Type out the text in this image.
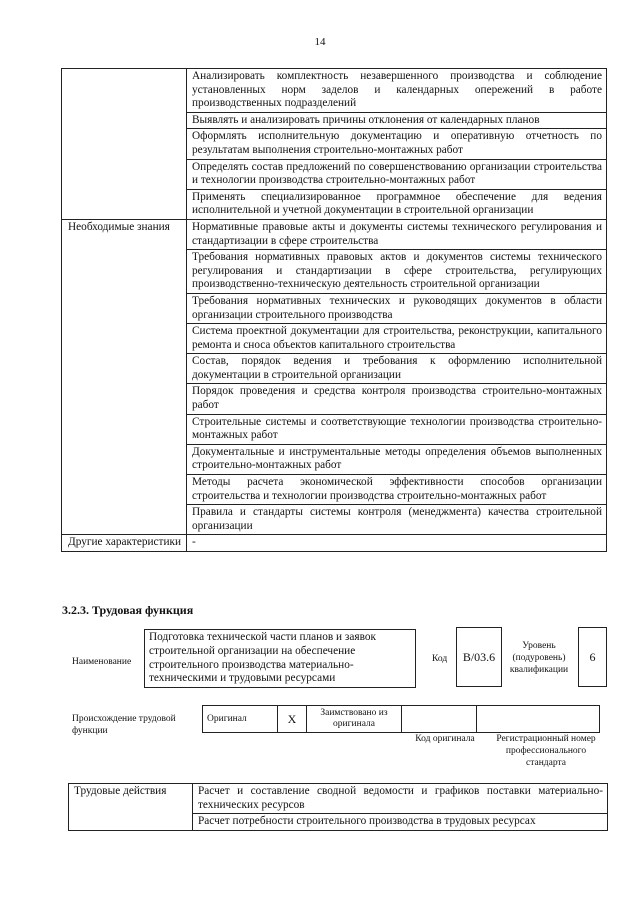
14
	Анализировать комплектность незавершенного производства и соблюдение установленных норм заделов и календарных опережений в работе производственных подразделений
	Выявлять и анализировать причины отклонения от календарных планов
	Оформлять исполнительную документацию и оперативную отчетность по результатам выполнения строительно-монтажных работ
	Определять состав предложений по совершенствованию организации строительства и технологии производства строительно-монтажных работ
	Применять специализированное программное обеспечение для ведения исполнительной и учетной документации в строительной организации
Необходимые знания	Нормативные правовые акты и документы системы технического регулирования и стандартизации в сфере строительства
	Требования нормативных правовых актов и документов системы технического регулирования и стандартизации в сфере строительства, регулирующих производственно-техническую деятельность строительной организации
	Требования нормативных технических и руководящих документов в области организации строительного производства
	Система проектной документации для строительства, реконструкции, капитального ремонта и сноса объектов капитального строительства
	Состав, порядок ведения и требования к оформлению исполнительной документации в строительной организации
	Порядок проведения и средства контроля производства строительно-монтажных работ
	Строительные системы и соответствующие технологии производства строительно-монтажных работ
	Документальные и инструментальные методы определения объемов выполненных строительно-монтажных работ
	Методы расчета экономической эффективности способов организации строительства и технологии производства строительно-монтажных работ
	Правила и стандарты системы контроля (менеджмента) качества строительной организации
Другие характеристики	-
3.2.3. Трудовая функция
Наименование
Подготовка технической части планов и заявок строительной организации на обеспечение строительного производства материально-техническими и трудовыми ресурсами
Код	B/03.6
Уровень (подуровень) квалификации
6
Происхождение трудовой функции
Оригинал	X	Заимствовано из оригинала		
Код оригинала	Регистрационный номер профессионального стандарта
Трудовые действия	Расчет и составление сводной ведомости и графиков поставки материально-технических ресурсов
Расчет потребности строительного производства в трудовых ресурсах
